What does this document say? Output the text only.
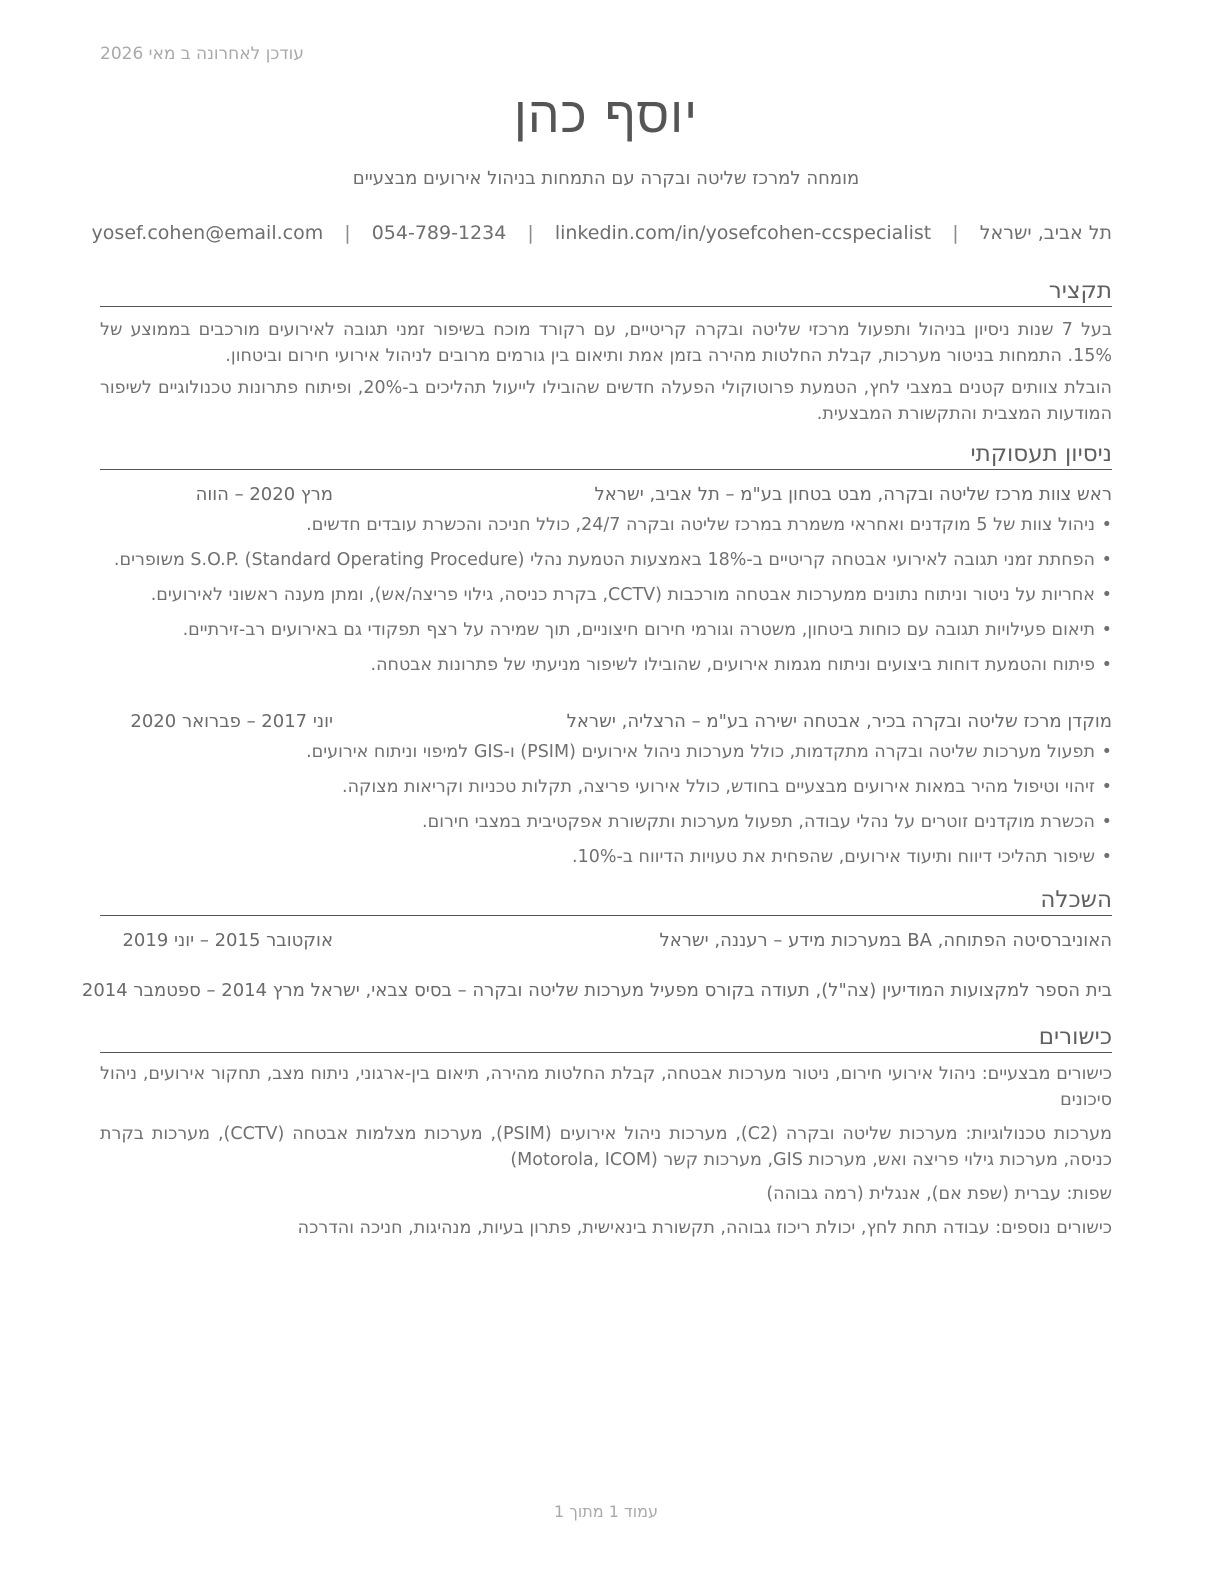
עודכן לאחרונה ב מאי 2026
יוסף כהן
מומחה למרכז שליטה ובקרה עם התמחות בניהול אירועים מבצעיים
תל אביב, ישראל | yosef.cohen@email.com | 054-789-1234 | linkedin.com/in/yosefcohen-ccspecialist
תקציר

בעל 7 שנות ניסיון בניהול ותפעול מרכזי שליטה ובקרה קריטיים, עם רקורד מוכח בשיפור זמני תגובה לאירועים מורכבים בממוצע של 15%. התמחות בניטור מערכות, קבלת החלטות מהירה בזמן אמת ותיאום בין גורמים מרובים לניהול אירועי חירום וביטחון.

הובלת צוותים קטנים במצבי לחץ, הטמעת פרוטוקולי הפעלה חדשים שהובילו לייעול תהליכים ב-20%, ופיתוח פתרונות טכנולוגיים לשיפור המודעות המצבית והתקשורת המבצעית.

ניסיון תעסוקתי
ראש צוות מרכז שליטה ובקרה, מבט בטחון בע"מ – תל אביב, ישראל
מרץ 2020 – הווה
•
ניהול צוות של 5 מוקדנים ואחראי משמרת במרכז שליטה ובקרה 24/7, כולל חניכה והכשרת עובדים חדשים.
•
הפחתת זמני תגובה לאירועי אבטחה קריטיים ב-18% באמצעות הטמעת נהלי S.O.P. (Standard Operating Procedure) משופרים.
•
אחריות על ניטור וניתוח נתונים ממערכות אבטחה מורכבות (CCTV, בקרת כניסה, גילוי פריצה/אש), ומתן מענה ראשוני לאירועים.
•
תיאום פעילויות תגובה עם כוחות ביטחון, משטרה וגורמי חירום חיצוניים, תוך שמירה על רצף תפקודי גם באירועים רב-זירתיים.
•
פיתוח והטמעת דוחות ביצועים וניתוח מגמות אירועים, שהובילו לשיפור מניעתי של פתרונות אבטחה.
מוקדן מרכז שליטה ובקרה בכיר, אבטחה ישירה בע"מ – הרצליה, ישראל
יוני 2017 – פברואר 2020
•
תפעול מערכות שליטה ובקרה מתקדמות, כולל מערכות ניהול אירועים (PSIM) ו-GIS למיפוי וניתוח אירועים.
•
זיהוי וטיפול מהיר במאות אירועים מבצעיים בחודש, כולל אירועי פריצה, תקלות טכניות וקריאות מצוקה.
•
הכשרת מוקדנים זוטרים על נהלי עבודה, תפעול מערכות ותקשורת אפקטיבית במצבי חירום.
•
שיפור תהליכי דיווח ותיעוד אירועים, שהפחית את טעויות הדיווח ב-10%.
השכלה
האוניברסיטה הפתוחה, BA במערכות מידע – רעננה, ישראל
אוקטובר 2015 – יוני 2019
בית הספר למקצועות המודיעין (צה"ל), תעודה בקורס מפעיל מערכות שליטה ובקרה – בסיס צבאי, ישראל מרץ 2014 – ספטמבר 2014
כישורים

כישורים מבצעיים: ניהול אירועי חירום, ניטור מערכות אבטחה, קבלת החלטות מהירה, תיאום בין-ארגוני, ניתוח מצב, תחקור אירועים, ניהול סיכונים

מערכות טכנולוגיות: מערכות שליטה ובקרה (C2), מערכות ניהול אירועים (PSIM), מערכות מצלמות אבטחה (CCTV), מערכות בקרת כניסה, מערכות גילוי פריצה ואש, מערכות GIS, מערכות קשר (Motorola, ICOM)

שפות: עברית (שפת אם), אנגלית (רמה גבוהה)

כישורים נוספים: עבודה תחת לחץ, יכולת ריכוז גבוהה, תקשורת בינאישית, פתרון בעיות, מנהיגות, חניכה והדרכה

עמוד 1 מתוך 1
